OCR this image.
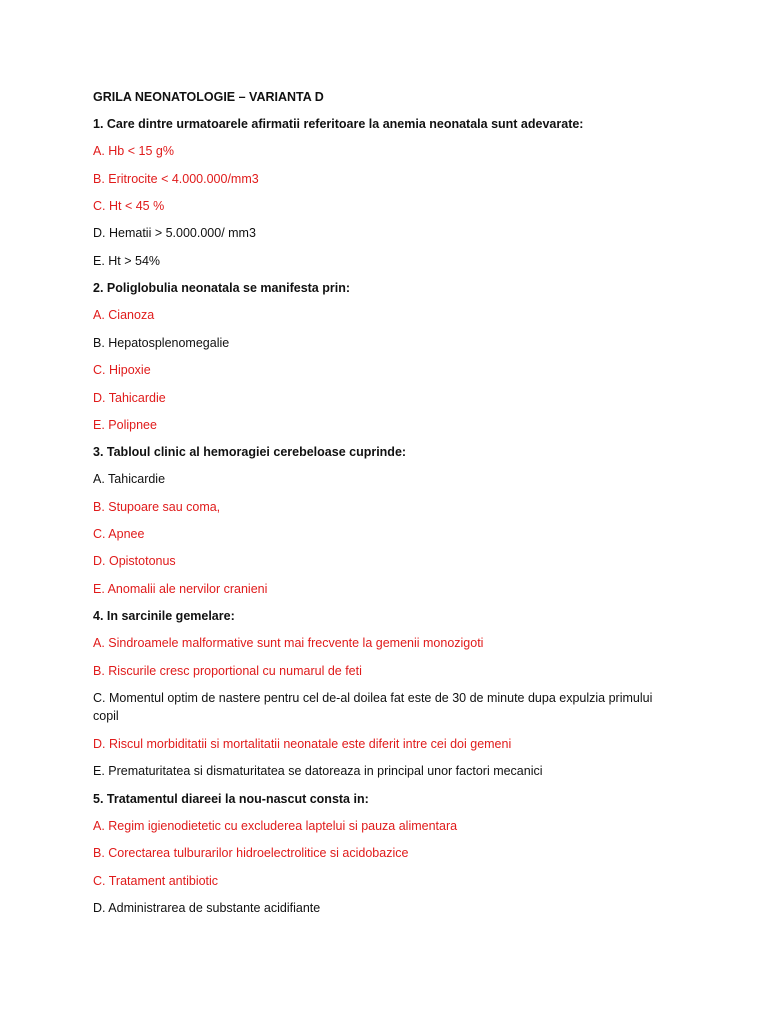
GRILA NEONATOLOGIE – VARIANTA D
1. Care dintre urmatoarele afirmatii referitoare la anemia neonatala sunt adevarate:
A. Hb < 15 g%
B. Eritrocite < 4.000.000/mm3
C. Ht < 45 %
D. Hematii > 5.000.000/ mm3
E. Ht > 54%
2. Poliglobulia neonatala se manifesta prin:
A. Cianoza
B. Hepatosplenomegalie
C. Hipoxie
D. Tahicardie
E. Polipnee
3. Tabloul clinic al hemoragiei cerebeloase cuprinde:
A. Tahicardie
B. Stupoare sau coma,
C. Apnee
D. Opistotonus
E. Anomalii ale nervilor cranieni
4. In sarcinile gemelare:
A. Sindroamele malformative sunt mai frecvente la gemenii monozigoti
B. Riscurile cresc proportional cu numarul de feti
C. Momentul optim de nastere pentru cel de-al doilea fat este de 30 de minute dupa expulzia primului copil
D. Riscul morbiditatii si mortalitatii neonatale este diferit intre cei doi gemeni
E. Prematuritatea si dismaturitatea se datoreaza in principal unor factori mecanici
5. Tratamentul diareei la nou-nascut consta in:
A. Regim igienodietetic cu excluderea laptelui si pauza alimentara
B. Corectarea tulburarilor hidroelectrolitice si acidobazice
C. Tratament antibiotic
D. Administrarea de substante acidifiante
